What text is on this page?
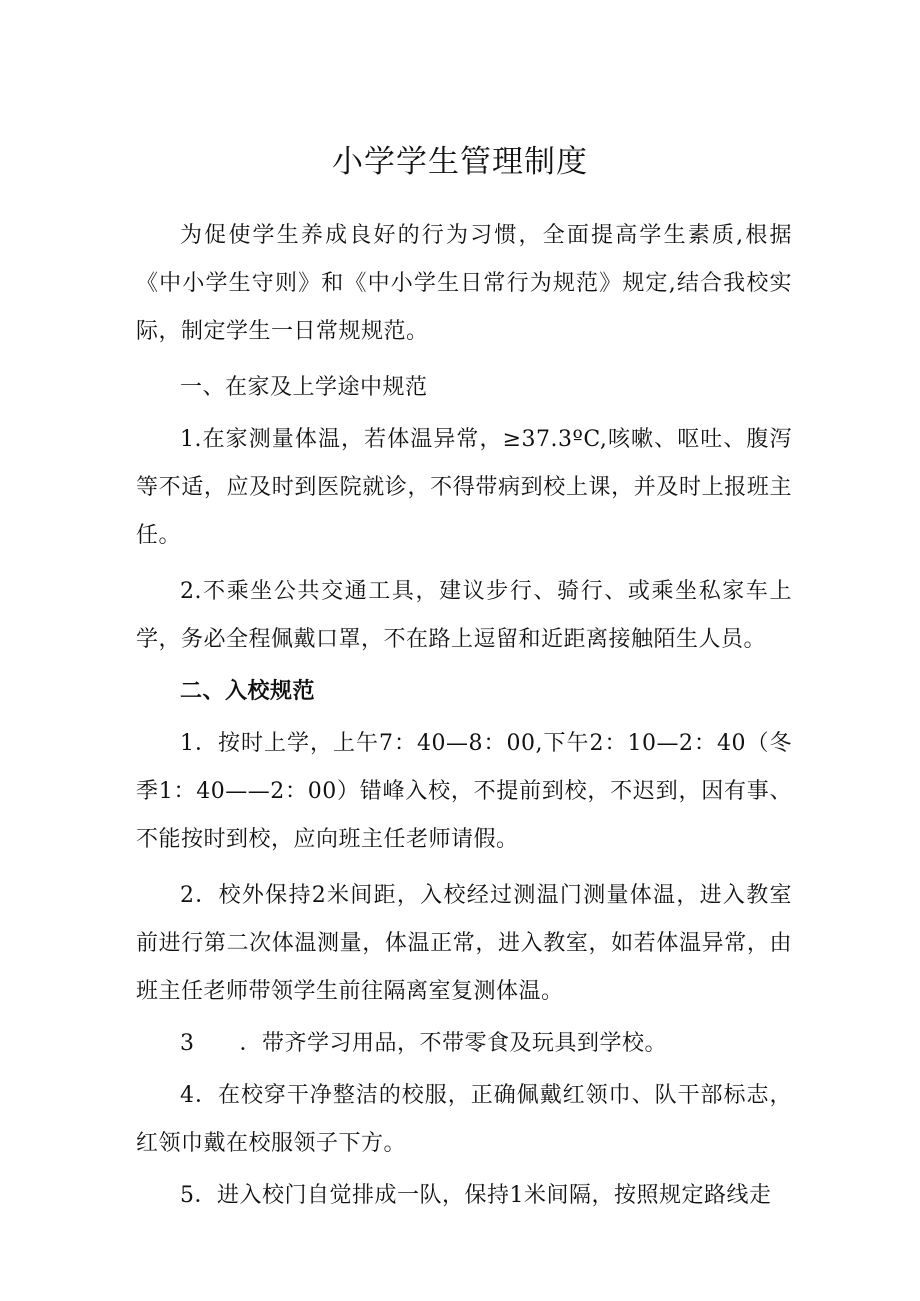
小学学生管理制度

为促使学生养成良好的行为习惯，全面提高学生素质,根据《中小学生守则》和《中小学生日常行为规范》规定,结合我校实际，制定学生一日常规规范。

一、在家及上学途中规范

1.在家测量体温，若体温异常，≥37.3ºC,咳嗽、呕吐、腹泻等不适，应及时到医院就诊，不得带病到校上课，并及时上报班主任。

2.不乘坐公共交通工具，建议步行、骑行、或乘坐私家车上学，务必全程佩戴口罩，不在路上逗留和近距离接触陌生人员。

二、入校规范

1．按时上学，上午7：40—8：00,下午2：10—2：40（冬季1：40——2：00）错峰入校，不提前到校，不迟到，因有事、不能按时到校，应向班主任老师请假。

2．校外保持2米间距，入校经过测温门测量体温，进入教室前进行第二次体温测量，体温正常，进入教室，如若体温异常，由班主任老师带领学生前往隔离室复测体温。

3　　．带齐学习用品，不带零食及玩具到学校。

4．在校穿干净整洁的校服，正确佩戴红领巾、队干部标志，红领巾戴在校服领子下方。

5．进入校门自觉排成一队，保持1米间隔，按照规定路线走
